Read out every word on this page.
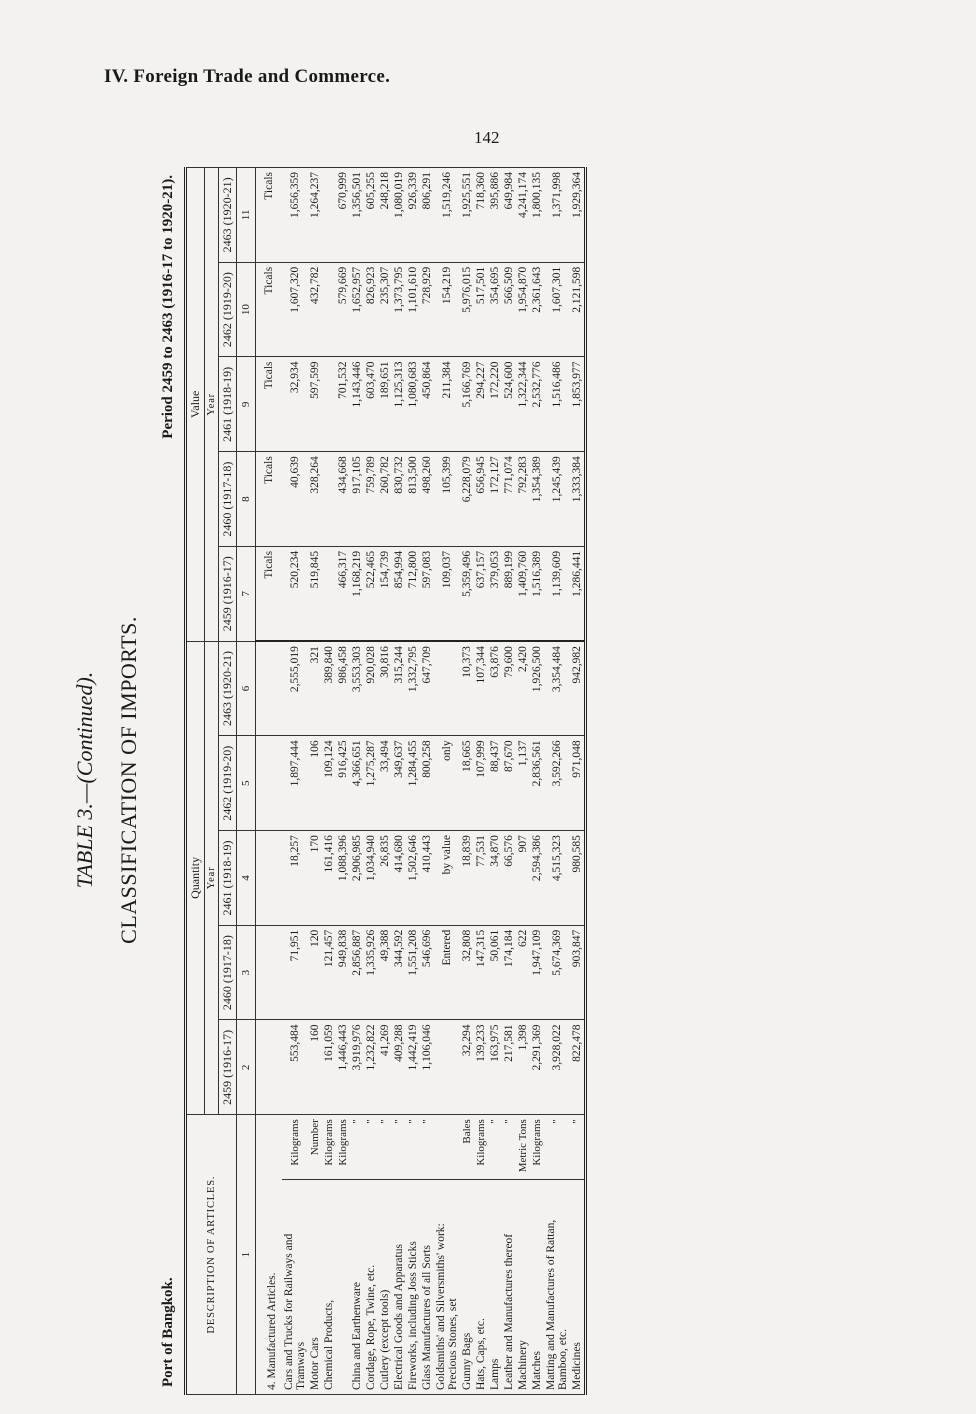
IV. Foreign Trade and Commerce.
142
TABLE 3.—(Continued). CLASSIFICATION OF IMPORTS.
Port of Bangkok.
Period 2459 to 2463 (1916-17 to 1920-21).
DESCRIPTION OF ARTICLES.		Quantity					Value				
		Year					Year				
		2459 (1916-17)	2460 (1917-18)	2461 (1918-19)	2462 (1919-20)	2463 (1920-21)	2459 (1916-17)	2460 (1917-18)	2461 (1918-19)	2462 (1919-20)	2463 (1920-21)
1		2	3	4	5	6	7	8	9	10	11
4. Manufactured Articles.							Ticals	Ticals	Ticals	Ticals	Ticals
Cars and Trucks for Railways and Tramways	Kilograms	553,484	71,951	18,257	1,897,444	2,555,019	520,234	40,639	32,934	1,607,320	1,656,359
Motor Cars	Number	160	120	170	106	321	519,845	328,264	597,599	432,782	1,264,237
Chemical Products,	Kilograms	161,059	121,457	161,416	109,124	389,840					
	Kilograms	1,446,443	949,838	1,088,396	916,425	986,458	466,317	434,668	701,532	579,669	670,999
China and Earthenware	"	3,919,976	2,856,887	2,906,985	4,366,651	3,553,303	1,168,219	917,105	1,143,446	1,652,957	1,356,501
Cordage, Rope, Twine, etc.	"	1,232,822	1,335,926	1,034,940	1,275,287	920,028	522,465	759,789	603,470	826,923	605,255
Cutlery (except tools)	"	41,269	49,388	26,835	33,494	30,816	154,739	260,782	189,651	235,307	248,218
Electrical Goods and Apparatus	"	409,288	344,592	414,680	349,637	315,244	854,994	830,732	1,125,313	1,373,795	1,080,019
Fireworks, including Joss Sticks	"	1,442,419	1,551,208	1,502,646	1,284,455	1,332,795	712,800	813,500	1,080,683	1,101,610	926,339
Glass Manufactures of all Sorts	"	1,106,046	546,696	410,443	800,258	647,709	597,083	498,260	450,864	728,929	806,291
Goldsmiths' and Silversmiths' work: Precious Stones, set			Entered	by value	only		109,037	105,399	211,384	154,219	1,519,246
Gunny Bags	Bales	32,294	32,808	18,839	18,665	10,373	5,359,496	6,228,079	5,166,769	5,976,015	1,925,551
Hats, Caps, etc.	Kilograms	139,233	147,315	77,531	107,999	107,344	637,157	656,945	294,227	517,501	718,360
Lamps	"	163,975	50,061	34,870	88,437	63,876	379,053	172,127	172,220	354,695	395,886
Leather and Manufactures thereof	"	217,581	174,184	66,576	87,670	79,600	889,199	771,074	524,600	566,509	649,984
Machinery	Metric Tons	1,398	622	907	1,137	2,420	1,409,760	792,283	1,322,344	1,954,870	4,241,174
Matches	Kilograms	2,291,369	1,947,109	2,594,386	2,836,561	1,926,500	1,516,389	1,354,389	2,532,776	2,361,643	1,800,135
Matting and Manufactures of Rattan, Bamboo, etc.	"	3,928,022	5,674,369	4,515,323	3,592,266	3,354,484	1,139,609	1,245,439	1,516,486	1,607,301	1,371,998
Medicines	"	822,478	903,847	980,585	971,048	942,982	1,286,441	1,333,384	1,853,977	2,121,598	1,929,364
